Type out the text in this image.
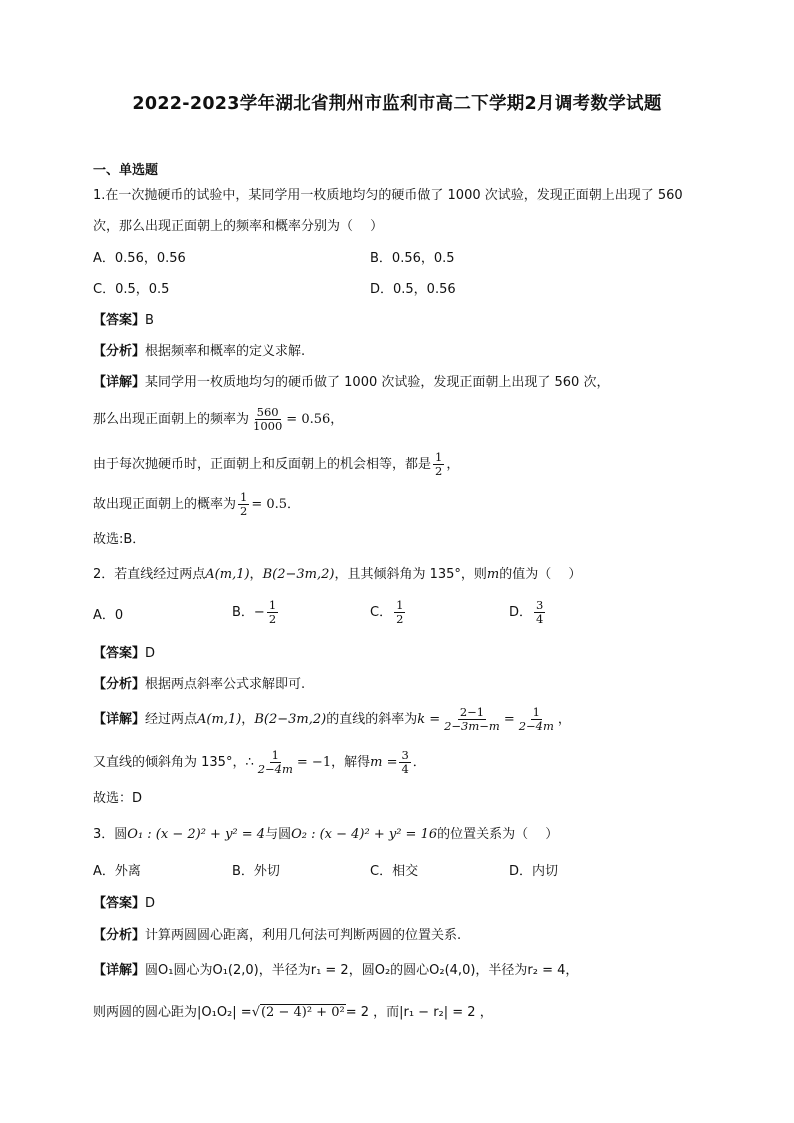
2022-2023学年湖北省荆州市监利市高二下学期2月调考数学试题
一、单选题
1.在一次抛硬币的试验中，某同学用一枚质地均匀的硬币做了 1000 次试验，发现正面朝上出现了 560
次，那么出现正面朝上的频率和概率分别为（　 ）
A．0.56，0.56	B．0.56，0.5
C．0.5，0.5	D．0.5，0.56
【答案】B
【分析】根据频率和概率的定义求解.
【详解】某同学用一枚质地均匀的硬币做了 1000 次试验，发现正面朝上出现了 560 次，
那么出现正面朝上的频率为 $\frac{560}{1000} = 0.56$，
由于每次抛硬币时，正面朝上和反面朝上的机会相等，都是 $\frac{1}{2}$ ，
故出现正面朝上的概率为 $\frac{1}{2} = 0.5$．
故选:B．
2．若直线经过两点A(m,1)，B(2−3m,2)，且其倾斜角为 135°，则m的值为（　 ）
A．0	B．− $\frac{1}{2}$	C． $\frac{1}{2}$	D． $\frac{3}{4}$
【答案】D
【分析】根据两点斜率公式求解即可.
【详解】经过两点A(m,1)，B(2−3m,2)的直线的斜率为$k = \frac{2-1}{2-3m-m} = \frac{1}{2-4m}$ ，
又直线的倾斜角为 135°，∴ $\frac{1}{2-4m} = -1$，解得$m = \frac{3}{4}$ ．
故选：D
3．圆O₁ : (x − 2)² + y² = 4与圆O₂ : (x − 4)² + y² = 16的位置关系为（　 ）
A．外离	B．外切	C．相交	D．内切
【答案】D
【分析】计算两圆圆心距离，利用几何法可判断两圆的位置关系.
【详解】圆O₁圆心为O₁(2,0)，半径为r₁ = 2，圆O₂的圆心O₂(4,0)，半径为r₂ = 4，
则两圆的圆心距为|O₁O₂| =√(2 − 4)² + 0²= 2 ，而|r₁ − r₂| = 2 ，
